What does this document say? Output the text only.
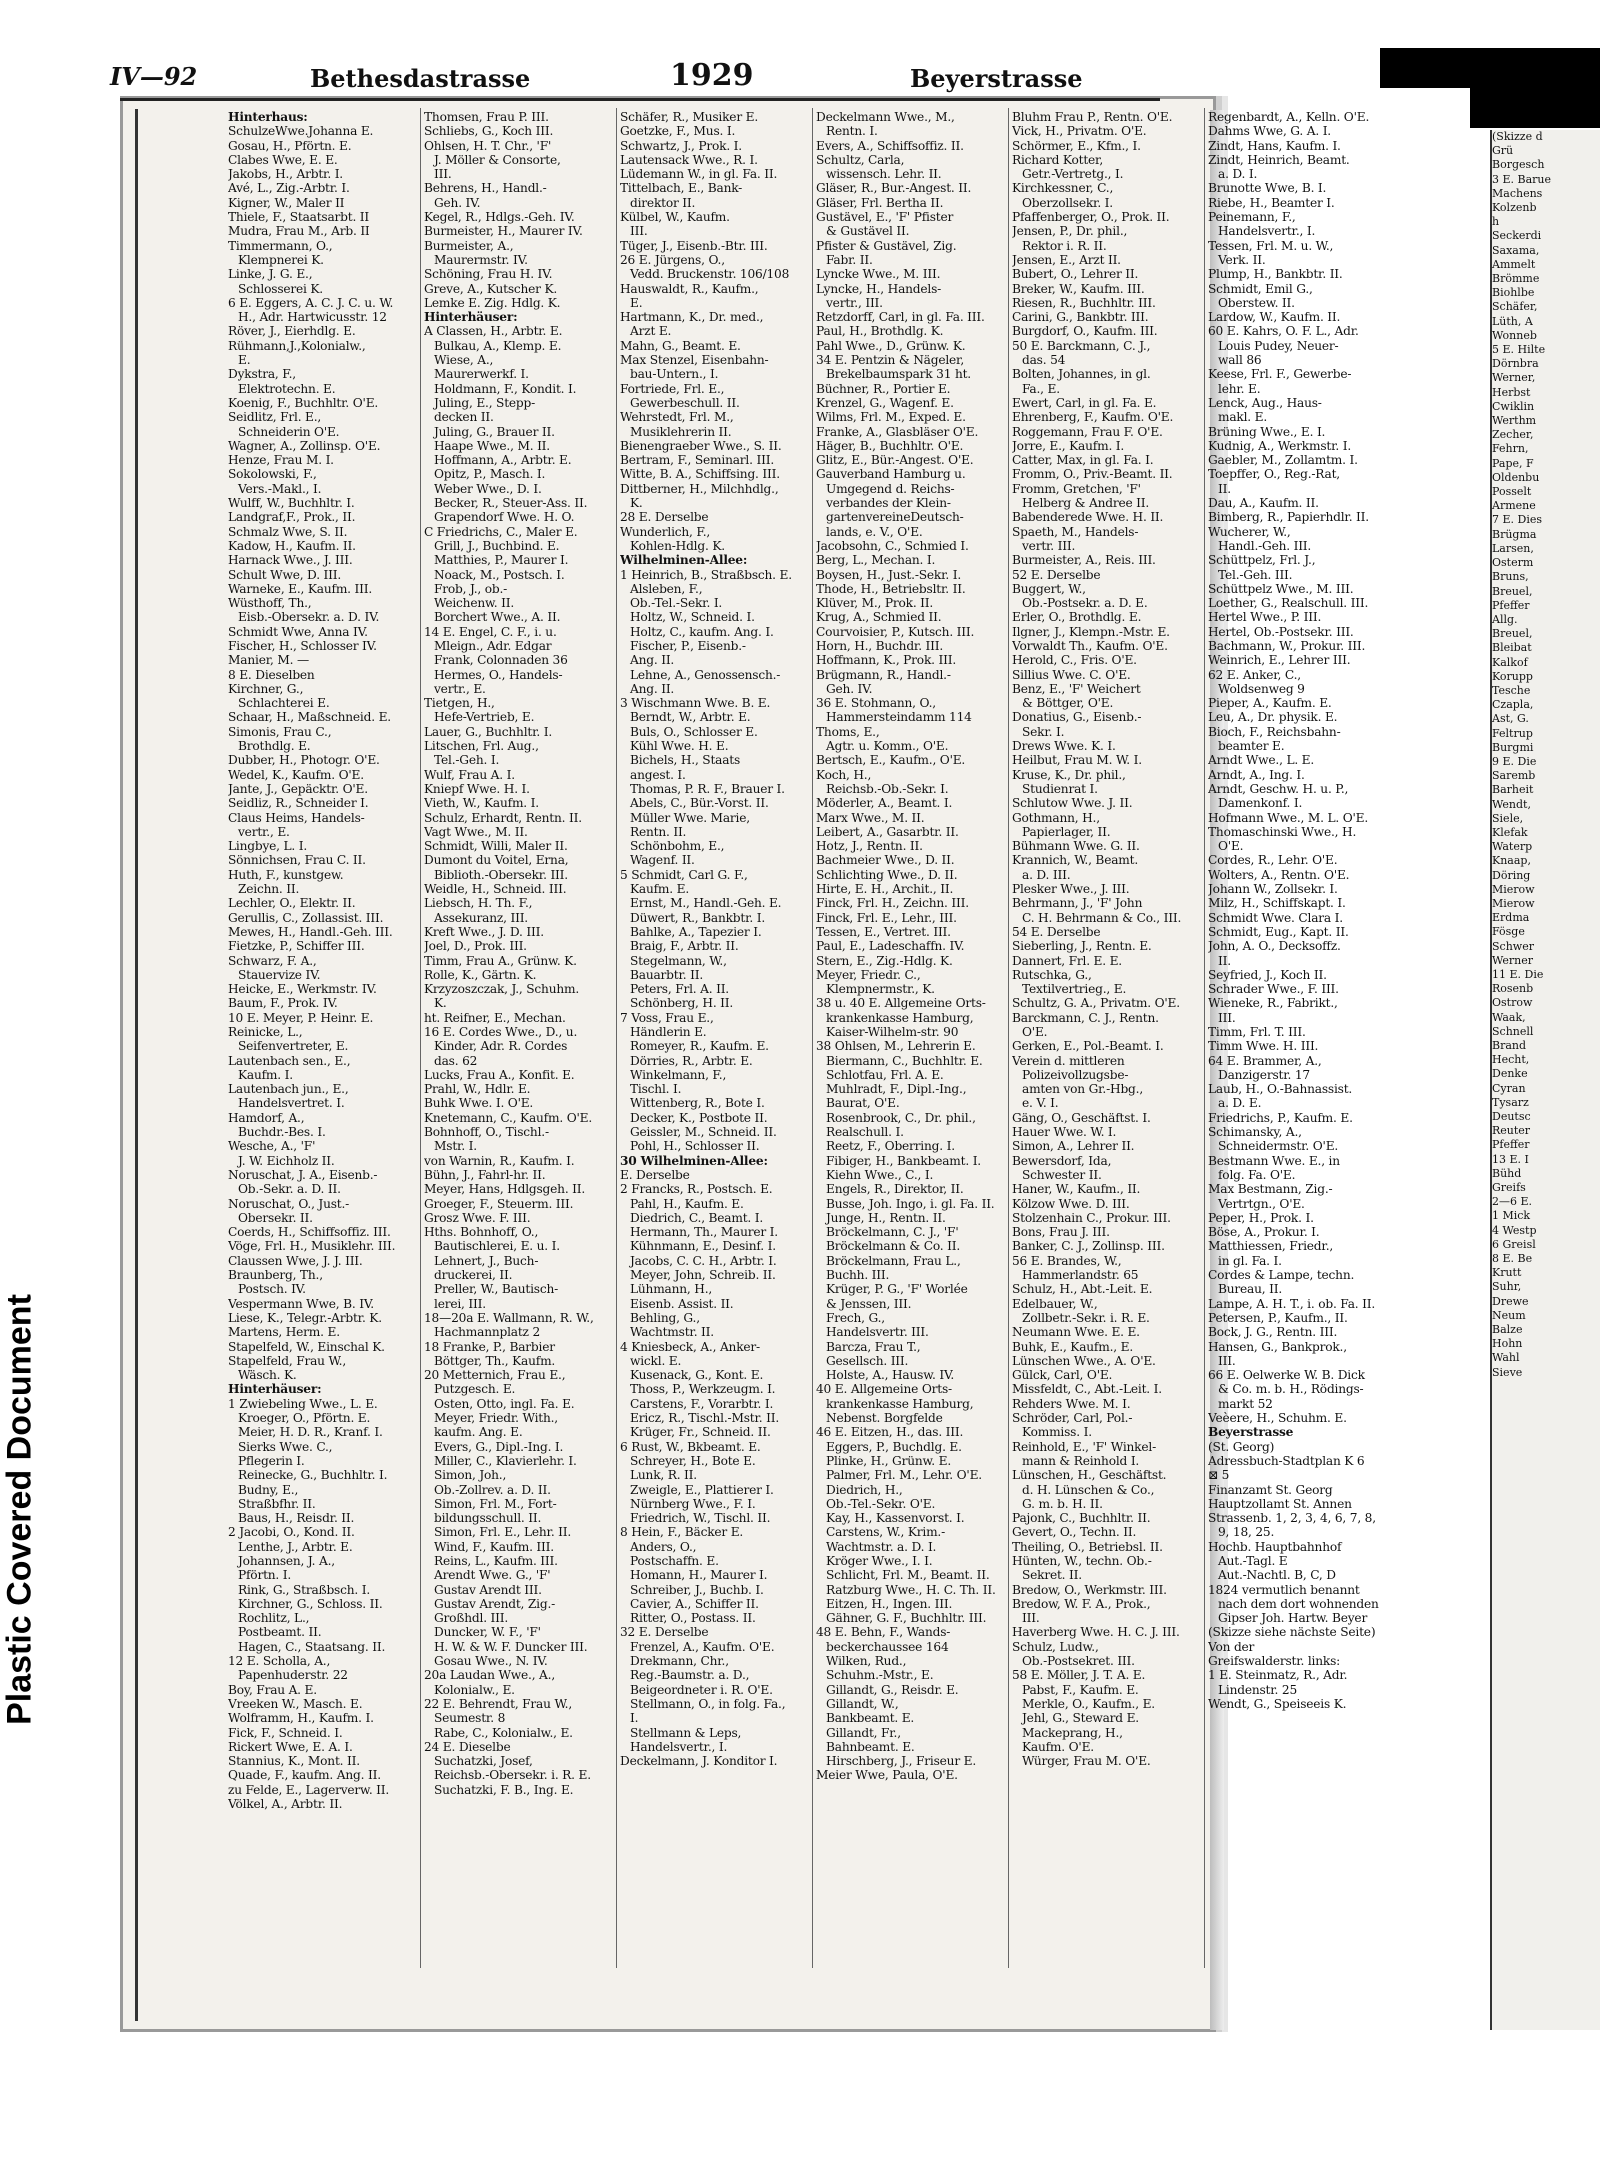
Plastic Covered Document
IV—92	Bethesdastrasse	1929	Beyerstrasse
Hinterhaus:
SchulzeWwe.Johanna E.
Gosau, H., Pförtn. E.
Clabes Wwe, E. E.
Jakobs, H., Arbtr. I.
Avé, L., Zig.-Arbtr. I.
Kigner, W., Maler II
Thiele, F., Staatsarbt. II
Mudra, Frau M., Arb. II
Timmermann, O.,
Klempnerei K.
Linke, J. G. E.,
Schlosserei K.
6 E. Eggers, A. C. J. C. u. W.
H., Adr. Hartwicusstr. 12
Röver, J., Eierhdlg. E.
Rühmann,J.,Kolonialw.,
E.
Dykstra, F.,
Elektrotechn. E.
Koenig, F., Buchhltr. O'E.
Seidlitz, Frl. E.,
Schneiderin O'E.
Wagner, A., Zollinsp. O'E.
Henze, Frau M. I.
Sokolowski, F.,
Vers.-Makl., I.
Wulff, W., Buchhltr. I.
Landgraf,F., Prok., II.
Schmalz Wwe, S. II.
Kadow, H., Kaufm. II.
Harnack Wwe., J. III.
Schult Wwe, D. III.
Warneke, E., Kaufm. III.
Wüsthoff, Th.,
Eisb.-Obersekr. a. D. IV.
Schmidt Wwe, Anna IV.
Fischer, H., Schlosser IV.
Manier, M. —
8 E. Dieselben
Kirchner, G.,
Schlachterei E.
Schaar, H., Maßschneid. E.
Simonis, Frau C.,
Brothdlg. E.
Dubber, H., Photogr. O'E.
Wedel, K., Kaufm. O'E.
Jante, J., Gepäcktr. O'E.
Seidliz, R., Schneider I.
Claus Heims, Handels-
vertr., E.
Lingbye, L. I.
Sönnichsen, Frau C. II.
Huth, F., kunstgew.
Zeichn. II.
Lechler, O., Elektr. II.
Gerullis, C., Zollassist. III.
Mewes, H., Handl.-Geh. III.
Fietzke, P., Schiffer III.
Schwarz, F. A.,
Stauervize IV.
Heicke, E., Werkmstr. IV.
Baum, F., Prok. IV.
10 E. Meyer, P. Heinr. E.
Reinicke, L.,
Seifenvertreter, E.
Lautenbach sen., E.,
Kaufm. I.
Lautenbach jun., E.,
Handelsvertret. I.
Hamdorf, A.,
Buchdr.-Bes. I.
Wesche, A., 'F'
J. W. Eichholz II.
Noruschat, J. A., Eisenb.-
Ob.-Sekr. a. D. II.
Noruschat, O., Just.-
Obersekr. II.
Coerds, H., Schiffsoffiz. III.
Vöge, Frl. H., Musiklehr. III.
Claussen Wwe, J. J. III.
Braunberg, Th.,
Postsch. IV.
Vespermann Wwe, B. IV.
Liese, K., Telegr.-Arbtr. K.
Martens, Herm. E.
Stapelfeld, W., Einschal K.
Stapelfeld, Frau W.,
Wäsch. K.
Hinterhäuser:
1 Zwiebeling Wwe., L. E.
Kroeger, O., Pförtn. E.
Meier, H. D. R., Kranf. I.
Sierks Wwe. C.,
Pflegerin I.
Reinecke, G., Buchhltr. I.
Budny, E.,
Straßbfhr. II.
Baus, H., Reisdr. II.
2 Jacobi, O., Kond. II.
Lenthe, J., Arbtr. E.
Johannsen, J. A.,
Pförtn. I.
Rink, G., Straßbsch. I.
Kirchner, G., Schloss. II.
Rochlitz, L.,
Postbeamt. II.
Hagen, C., Staatsang. II.
12 E. Scholla, A.,
Papenhuderstr. 22
Boy, Frau A. E.
Vreeken W., Masch. E.
Wolframm, H., Kaufm. I.
Fick, F., Schneid. I.
Rickert Wwe, E. A. I.
Stannius, K., Mont. II.
Quade, F., kaufm. Ang. II.
zu Felde, E., Lagerverw. II.
Völkel, A., Arbtr. II.
Thomsen, Frau P. III.
Schliebs, G., Koch III.
Ohlsen, H. T. Chr., 'F'
J. Möller & Consorte,
III.
Behrens, H., Handl.-
Geh. IV.
Kegel, R., Hdlgs.-Geh. IV.
Burmeister, H., Maurer IV.
Burmeister, A.,
Maurermstr. IV.
Schöning, Frau H. IV.
Greve, A., Kutscher K.
Lemke E. Zig. Hdlg. K.
Hinterhäuser:
A Classen, H., Arbtr. E.
Bulkau, A., Klemp. E.
Wiese, A.,
Maurerwerkf. I.
Holdmann, F., Kondit. I.
Juling, E., Stepp-
decken II.
Juling, G., Brauer II.
Haape Wwe., M. II.
Hoffmann, A., Arbtr. E.
Opitz, P., Masch. I.
Weber Wwe., D. I.
Becker, R., Steuer-Ass. II.
Grapendorf Wwe. H. O.
C Friedrichs, C., Maler E.
Grill, J., Buchbind. E.
Matthies, P., Maurer I.
Noack, M., Postsch. I.
Frob, J., ob.-
Weichenw. II.
Borchert Wwe., A. II.
14 E. Engel, C. F., i. u.
Mleign., Adr. Edgar
Frank, Colonnaden 36
Hermes, O., Handels-
vertr., E.
Tietgen, H.,
Hefe-Vertrieb, E.
Lauer, G., Buchhltr. I.
Litschen, Frl. Aug.,
Tel.-Geh. I.
Wulf, Frau A. I.
Kniepf Wwe. H. I.
Vieth, W., Kaufm. I.
Schulz, Erhardt, Rentn. II.
Vagt Wwe., M. II.
Schmidt, Willi, Maler II.
Dumont du Voitel, Erna,
Biblioth.-Obersekr. III.
Weidle, H., Schneid. III.
Liebsch, H. Th. F.,
Assekuranz, III.
Kreft Wwe., J. D. III.
Joel, D., Prok. III.
Timm, Frau A., Grünw. K.
Rolle, K., Gärtn. K.
Krzyzoszczak, J., Schuhm.
K.
ht. Reifner, E., Mechan.
16 E. Cordes Wwe., D., u.
Kinder, Adr. R. Cordes
das. 62
Lucks, Frau A., Konfit. E.
Prahl, W., Hdlr. E.
Buhk Wwe. I. O'E.
Knetemann, C., Kaufm. O'E.
Bohnhoff, O., Tischl.-
Mstr. I.
von Warnin, R., Kaufm. I.
Bühn, J., Fahrl-hr. II.
Meyer, Hans, Hdlgsgeh. II.
Groeger, F., Steuerm. III.
Grosz Wwe. F. III.
Hths. Bohnhoff, O.,
Bautischlerei, E. u. I.
Lehnert, J., Buch-
druckerei, II.
Preller, W., Bautisch-
lerei, III.
18—20a E. Wallmann, R. W.,
Hachmannplatz 2
18 Franke, P., Barbier
Böttger, Th., Kaufm.
20 Metternich, Frau E.,
Putzgesch. E.
Osten, Otto, ingl. Fa. E.
Meyer, Friedr. With.,
kaufm. Ang. E.
Evers, G., Dipl.-Ing. I.
Miller, C., Klavierlehr. I.
Simon, Joh.,
Ob.-Zollrev. a. D. II.
Simon, Frl. M., Fort-
bildungsschull. II.
Simon, Frl. E., Lehr. II.
Wind, F., Kaufm. III.
Reins, L., Kaufm. III.
Arendt Wwe. G., 'F'
Gustav Arendt III.
Gustav Arendt, Zig.-
Großhdl. III.
Duncker, W. F., 'F'
H. W. & W. F. Duncker III.
Gosau Wwe., N. IV.
20a Laudan Wwe., A.,
Kolonialw., E.
22 E. Behrendt, Frau W.,
Seumestr. 8
Rabe, C., Kolonialw., E.
24 E. Dieselbe
Suchatzki, Josef,
Reichsb.-Obersekr. i. R. E.
Suchatzki, F. B., Ing. E.
Schäfer, R., Musiker E.
Goetzke, F., Mus. I.
Schwartz, J., Prok. I.
Lautensack Wwe., R. I.
Lüdemann W., in gl. Fa. II.
Tittelbach, E., Bank-
direktor II.
Külbel, W., Kaufm.
III.
Tüger, J., Eisenb.-Btr. III.
26 E. Jürgens, O.,
Vedd. Bruckenstr. 106/108
Hauswaldt, R., Kaufm.,
E.
Hartmann, K., Dr. med.,
Arzt E.
Mahn, G., Beamt. E.
Max Stenzel, Eisenbahn-
bau-Untern., I.
Fortriede, Frl. E.,
Gewerbeschull. II.
Wehrstedt, Frl. M.,
Musiklehrerin II.
Bienengraeber Wwe., S. II.
Bertram, F., Seminarl. III.
Witte, B. A., Schiffsing. III.
Dittberner, H., Milchhdlg.,
K.
28 E. Derselbe
Wunderlich, F.,
Kohlen-Hdlg. K.
Wilhelminen-Allee:
1 Heinrich, B., Straßbsch. E.
Alsleben, F.,
Ob.-Tel.-Sekr. I.
Holtz, W., Schneid. I.
Holtz, C., kaufm. Ang. I.
Fischer, P., Eisenb.-
Ang. II.
Lehne, A., Genossensch.-
Ang. II.
3 Wischmann Wwe. B. E.
Berndt, W., Arbtr. E.
Buls, O., Schlosser E.
Kühl Wwe. H. E.
Bichels, H., Staats
angest. I.
Thomas, P. R. F., Brauer I.
Abels, C., Bür.-Vorst. II.
Müller Wwe. Marie,
Rentn. II.
Schönbohm, E.,
Wagenf. II.
5 Schmidt, Carl G. F.,
Kaufm. E.
Ernst, M., Handl.-Geh. E.
Düwert, R., Bankbtr. I.
Bahlke, A., Tapezier I.
Braig, F., Arbtr. II.
Stegelmann, W.,
Bauarbtr. II.
Peters, Frl. A. II.
Schönberg, H. II.
7 Voss, Frau E.,
Händlerin E.
Romeyer, R., Kaufm. E.
Dörries, R., Arbtr. E.
Winkelmann, F.,
Tischl. I.
Wittenberg, R., Bote I.
Decker, K., Postbote II.
Geissler, M., Schneid. II.
Pohl, H., Schlosser II.
30 Wilhelminen-Allee:
E. Derselbe
2 Francks, R., Postsch. E.
Pahl, H., Kaufm. E.
Diedrich, C., Beamt. I.
Hermann, Th., Maurer I.
Kühnmann, E., Desinf. I.
Jacobs, C. C. H., Arbtr. I.
Meyer, John, Schreib. II.
Lühmann, H.,
Eisenb. Assist. II.
Behling, G.,
Wachtmstr. II.
4 Kniesbeck, A., Anker-
wickl. E.
Kusenack, G., Kont. E.
Thoss, P., Werkzeugm. I.
Carstens, F., Vorarbtr. I.
Ericz, R., Tischl.-Mstr. II.
Krüger, Fr., Schneid. II.
6 Rust, W., Bkbeamt. E.
Schreyer, H., Bote E.
Lunk, R. II.
Zweigle, E., Plattierer I.
Nürnberg Wwe., F. I.
Friedrich, W., Tischl. II.
8 Hein, F., Bäcker E.
Anders, O.,
Postschaffn. E.
Homann, H., Maurer I.
Schreiber, J., Buchb. I.
Cavier, A., Schiffer II.
Ritter, O., Postass. II.
32 E. Derselbe
Frenzel, A., Kaufm. O'E.
Drekmann, Chr.,
Reg.-Baumstr. a. D.,
Beigeordneter i. R. O'E.
Stellmann, O., in folg. Fa.,
I.
Stellmann & Leps,
Handelsvertr., I.
Deckelmann, J. Konditor I.
Deckelmann Wwe., M.,
Rentn. I.
Evers, A., Schiffsoffiz. II.
Schultz, Carla,
wissensch. Lehr. II.
Gläser, R., Bur.-Angest. II.
Gläser, Frl. Bertha II.
Gustävel, E., 'F' Pfister
& Gustävel II.
Pfister & Gustävel, Zig.
Fabr. II.
Lyncke Wwe., M. III.
Lyncke, H., Handels-
vertr., III.
Retzdorff, Carl, in gl. Fa. III.
Paul, H., Brothdlg. K.
Pahl Wwe., D., Grünw. K.
34 E. Pentzin & Nägeler,
Brekelbaumspark 31 ht.
Büchner, R., Portier E.
Krenzel, G., Wagenf. E.
Wilms, Frl. M., Exped. E.
Franke, A., Glasbläser O'E.
Häger, B., Buchhltr. O'E.
Glitz, E., Bür.-Angest. O'E.
Gauverband Hamburg u.
Umgegend d. Reichs-
verbandes der Klein-
gartenvereineDeutsch-
lands, e. V., O'E.
Jacobsohn, C., Schmied I.
Berg, L., Mechan. I.
Boysen, H., Just.-Sekr. I.
Thode, H., Betriebsltr. II.
Klüver, M., Prok. II.
Krug, A., Schmied II.
Courvoisier, P., Kutsch. III.
Horn, H., Buchdr. III.
Hoffmann, K., Prok. III.
Brügmann, R., Handl.-
Geh. IV.
36 E. Stohmann, O.,
Hammersteindamm 114
Thoms, E.,
Agtr. u. Komm., O'E.
Bertsch, E., Kaufm., O'E.
Koch, H.,
Reichsb.-Ob.-Sekr. I.
Möderler, A., Beamt. I.
Marx Wwe., M. II.
Leibert, A., Gasarbtr. II.
Hotz, J., Rentn. II.
Bachmeier Wwe., D. II.
Schlichting Wwe., D. II.
Hirte, E. H., Archit., II.
Finck, Frl. H., Zeichn. III.
Finck, Frl. E., Lehr., III.
Tessen, E., Vertret. III.
Paul, E., Ladeschaffn. IV.
Stern, E., Zig.-Hdlg. K.
Meyer, Friedr. C.,
Klempnermstr., K.
38 u. 40 E. Allgemeine Orts-
krankenkasse Hamburg,
Kaiser-Wilhelm-str. 90
38 Ohlsen, M., Lehrerin E.
Biermann, C., Buchhltr. E.
Schlotfau, Frl. A. E.
Muhlradt, F., Dipl.-Ing.,
Baurat, O'E.
Rosenbrook, C., Dr. phil.,
Realschull. I.
Reetz, F., Oberring. I.
Fibiger, H., Bankbeamt. I.
Kiehn Wwe., C., I.
Engels, R., Direktor, II.
Busse, Joh. Ingo, i. gl. Fa. II.
Junge, H., Rentn. II.
Bröckelmann, C. J., 'F'
Bröckelmann & Co. II.
Bröckelmann, Frau L.,
Buchh. III.
Krüger, P. G., 'F' Worlée
& Jenssen, III.
Frech, G.,
Handelsvertr. III.
Barcza, Frau T.,
Gesellsch. III.
Holste, A., Hausw. IV.
40 E. Allgemeine Orts-
krankenkasse Hamburg,
Nebenst. Borgfelde
46 E. Eitzen, H., das. III.
Eggers, P., Buchdlg. E.
Plinke, H., Grünw. E.
Palmer, Frl. M., Lehr. O'E.
Diedrich, H.,
Ob.-Tel.-Sekr. O'E.
Kay, H., Kassenvorst. I.
Carstens, W., Krim.-
Wachtmstr. a. D. I.
Kröger Wwe., I. I.
Schlicht, Frl. M., Beamt. II.
Ratzburg Wwe., H. C. Th. II.
Eitzen, H., Ingen. III.
Gähner, G. F., Buchhltr. III.
48 E. Behn, F., Wands-
beckerchaussee 164
Wilken, Rud.,
Schuhm.-Mstr., E.
Gillandt, G., Reisdr. E.
Gillandt, W.,
Bankbeamt. E.
Gillandt, Fr.,
Bahnbeamt. E.
Hirschberg, J., Friseur E.
Meier Wwe, Paula, O'E.
Bluhm Frau P., Rentn. O'E.
Vick, H., Privatm. O'E.
Schörmer, E., Kfm., I.
Richard Kotter,
Getr.-Vertretg., I.
Kirchkessner, C.,
Oberzollsekr. I.
Pfaffenberger, O., Prok. II.
Jensen, P., Dr. phil.,
Rektor i. R. II.
Jensen, E., Arzt II.
Bubert, O., Lehrer II.
Breker, W., Kaufm. III.
Riesen, R., Buchhltr. III.
Carini, G., Bankbtr. III.
Burgdorf, O., Kaufm. III.
50 E. Barckmann, C. J.,
das. 54
Bolten, Johannes, in gl.
Fa., E.
Ewert, Carl, in gl. Fa. E.
Ehrenberg, F., Kaufm. O'E.
Roggemann, Frau F. O'E.
Jorre, E., Kaufm. I.
Catter, Max, in gl. Fa. I.
Fromm, O., Priv.-Beamt. II.
Fromm, Gretchen, 'F'
Helberg & Andree II.
Babenderede Wwe. H. II.
Spaeth, M., Handels-
vertr. III.
Burmeister, A., Reis. III.
52 E. Derselbe
Buggert, W.,
Ob.-Postsekr. a. D. E.
Erler, O., Brothdlg. E.
Ilgner, J., Klempn.-Mstr. E.
Vorwaldt Th., Kaufm. O'E.
Herold, C., Fris. O'E.
Sillius Wwe. C. O'E.
Benz, E., 'F' Weichert
& Böttger, O'E.
Donatius, G., Eisenb.-
Sekr. I.
Drews Wwe. K. I.
Heilbut, Frau M. W. I.
Kruse, K., Dr. phil.,
Studienrat I.
Schlutow Wwe. J. II.
Gothmann, H.,
Papierlager, II.
Bühmann Wwe. G. II.
Krannich, W., Beamt.
a. D. III.
Plesker Wwe., J. III.
Behrmann, J., 'F' John
C. H. Behrmann & Co., III.
54 E. Derselbe
Sieberling, J., Rentn. E.
Dannert, Frl. E. E.
Rutschka, G.,
Textilvertrieg., E.
Schultz, G. A., Privatm. O'E.
Barckmann, C. J., Rentn.
O'E.
Gerken, E., Pol.-Beamt. I.
Verein d. mittleren
Polizeivollzugsbe-
amten von Gr.-Hbg.,
e. V. I.
Gäng, O., Geschäftst. I.
Hauer Wwe. W. I.
Simon, A., Lehrer II.
Bewersdorf, Ida,
Schwester II.
Haner, W., Kaufm., II.
Kölzow Wwe. D. III.
Stolzenhain C., Prokur. III.
Bons, Frau J. III.
Banker, C. J., Zollinsp. III.
56 E. Brandes, W.,
Hammerlandstr. 65
Schulz, H., Abt.-Leit. E.
Edelbauer, W.,
Zollbetr.-Sekr. i. R. E.
Neumann Wwe. E. E.
Buhk, E., Kaufm., E.
Lünschen Wwe., A. O'E.
Gülck, Carl, O'E.
Missfeldt, C., Abt.-Leit. I.
Rehders Wwe. M. I.
Schröder, Carl, Pol.-
Kommiss. I.
Reinhold, E., 'F' Winkel-
mann & Reinhold I.
Lünschen, H., Geschäftst.
d. H. Lünschen & Co.,
G. m. b. H. II.
Pajonk, C., Buchhltr. II.
Gevert, O., Techn. II.
Theiling, O., Betriebsl. II.
Hünten, W., techn. Ob.-
Sekret. II.
Bredow, O., Werkmstr. III.
Bredow, W. F. A., Prok.,
III.
Haverberg Wwe. H. C. J. III.
Schulz, Ludw.,
Ob.-Postsekret. III.
58 E. Möller, J. T. A. E.
Pabst, F., Kaufm. E.
Merkle, O., Kaufm., E.
Jehl, G., Steward E.
Mackeprang, H.,
Kaufm. O'E.
Würger, Frau M. O'E.
Regenbardt, A., Kelln. O'E.
Dahms Wwe, G. A. I.
Zindt, Hans, Kaufm. I.
Zindt, Heinrich, Beamt.
a. D. I.
Brunotte Wwe, B. I.
Riebe, H., Beamter I.
Peinemann, F.,
Handelsvertr., I.
Tessen, Frl. M. u. W.,
Verk. II.
Plump, H., Bankbtr. II.
Schmidt, Emil G.,
Oberstew. II.
Lardow, W., Kaufm. II.
60 E. Kahrs, O. F. L., Adr.
Louis Pudey, Neuer-
wall 86
Keese, Frl. F., Gewerbe-
lehr. E.
Lenck, Aug., Haus-
makl. E.
Brüning Wwe., E. I.
Kudnig, A., Werkmstr. I.
Gaebler, M., Zollamtm. I.
Toepffer, O., Reg.-Rat,
II.
Dau, A., Kaufm. II.
Bimberg, R., Papierhdlr. II.
Wucherer, W.,
Handl.-Geh. III.
Schüttpelz, Frl. J.,
Tel.-Geh. III.
Schüttpelz Wwe., M. III.
Loether, G., Realschull. III.
Hertel Wwe., P. III.
Hertel, Ob.-Postsekr. III.
Bachmann, W., Prokur. III.
Weinrich, E., Lehrer III.
62 E. Anker, C.,
Woldsenweg 9
Pieper, A., Kaufm. E.
Leu, A., Dr. physik. E.
Bioch, F., Reichsbahn-
beamter E.
Arndt Wwe., L. E.
Arndt, A., Ing. I.
Arndt, Geschw. H. u. P.,
Damenkonf. I.
Hofmann Wwe., M. L. O'E.
Thomaschinski Wwe., H.
O'E.
Cordes, R., Lehr. O'E.
Wolters, A., Rentn. O'E.
Johann W., Zollsekr. I.
Milz, H., Schiffskapt. I.
Schmidt Wwe. Clara I.
Schmidt, Eug., Kapt. II.
John, A. O., Decksoffz.
II.
Seyfried, J., Koch II.
Schrader Wwe., F. III.
Wieneke, R., Fabrikt.,
III.
Timm, Frl. T. III.
Timm Wwe. H. III.
64 E. Brammer, A.,
Danzigerstr. 17
Laub, H., O.-Bahnassist.
a. D. E.
Friedrichs, P., Kaufm. E.
Schimansky, A.,
Schneidermstr. O'E.
Bestmann Wwe. E., in
folg. Fa. O'E.
Max Bestmann, Zig.-
Vertrtgn., O'E.
Peper, H., Prok. I.
Böse, A., Prokur. I.
Matthiessen, Friedr.,
in gl. Fa. I.
Cordes & Lampe, techn.
Bureau, II.
Lampe, A. H. T., i. ob. Fa. II.
Petersen, P., Kaufm., II.
Bock, J. G., Rentn. III.
Hansen, G., Bankprok.,
III.
66 E. Oelwerke W. B. Dick
& Co. m. b. H., Rödings-
markt 52
Veèere, H., Schuhm. E.
Beyerstrasse
(St. Georg)
Adressbuch-Stadtplan K 6
⊠ 5
Finanzamt St. Georg
Hauptzollamt St. Annen
Strassenb. 1, 2, 3, 4, 6, 7, 8,
9, 18, 25.
Hochb. Hauptbahnhof
Aut.-Tagl. E
Aut.-Nachtl. B, C, D
1824 vermutlich benannt
nach dem dort wohnenden
Gipser Joh. Hartw. Beyer
(Skizze siehe nächste Seite)
Von der
Greifswalderstr. links:
1 E. Steinmatz, R., Adr.
Lindenstr. 25
Wendt, G., Speiseeis K.
(Skizze d
Grü
Borgesch
3 E. Barue
Machens
Kolzenb
h
Seckerdi
Saxama,
Ammelt
Brömme
Biohlbe
Schäfer,
Lüth, A
Wonneb
5 E. Hilte
Dörnbra
Werner,
Herbst
Cwiklin
Werthm
Zecher,
Fehrn,
Pape, F
Oldenbu
Posselt
Armene
7 E. Dies
Brügma
Larsen,
Osterm
Bruns,
Breuel,
Pfeffer
Allg.
Breuel,
Bleibat
Kalkof
Korupp
Tesche
Czapla,
Ast, G.
Feltrup
Burgmi
9 E. Die
Saremb
Barheit
Wendt,
Siele,
Klefak
Waterp
Knaap,
Döring
Mierow
Mierow
Erdma
Fösge
Schwer
Werner
11 E. Die
Rosenb
Ostrow
Waak,
Schnell
Brand
Hecht,
Denke
Cyran
Tysarz
Deutsc
Reuter
Pfeffer
13 E. I
Bühd
Greifs
2—6 E.
1 Mick
4 Westp
6 Greisl
8 E. Be
Krutt
Suhr,
Drewe
Neum
Balze
Hohn
Wahl
Sieve
